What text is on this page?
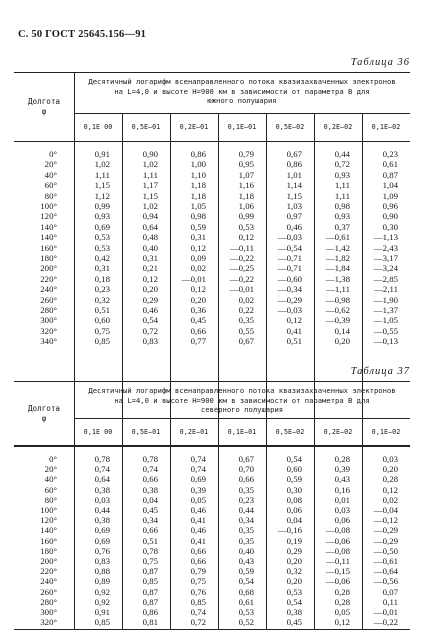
С. 50 ГОСТ 25645.156—91
Таблица 36
Долгота
φ
Десятичный логарифм всенаправленного потока квазизахваченных электронов
на L=4,0 и высоте H=900 км в зависимости от параметра B для
южного полушария
0,1E 00	0,5E—01	0,2E—01	0,1E—01	0,5E—02	0,2E—02	0,1E—02
0°	0,91	0,90	0,86	0,79	0,67	0,44	0,23
20°	1,02	1,02	1,00	0,95	0,86	0,72	0,61
40°	1,11	1,11	1,10	1,07	1,01	0,93	0,87
60°	1,15	1,17	1,18	1,16	1,14	1,11	1,04
80°	1,12	1,15	1,18	1,18	1,15	1,11	1,09
100°	0,99	1,02	1,05	1,06	1,03	0,98	0,96
120°	0,93	0,94	0,98	0,99	0,97	0,93	0,90
140°	0,69	0,64	0,59	0,53	0,46	0,37	0,30
140°	0,53	0,48	0,31	0,12	—0,03	—0,61	—1,13
160°	0,53	0,40	0,12	—0,11	—0,54	—1,42	—2,43
180°	0,42	0,31	0,09	—0,22	—0,71	—1,82	—3,17
200°	0,31	0,21	0,02	—0,25	—0,71	—1,84	—3,24
220°	0,18	0,12	—0,01	—0,22	—0,60	—1,38	—2,85
240°	0,23	0,20	0,12	—0,01	—0,34	—1,11	—2,11
260°	0,32	0,29	0,20	0,02	—0,29	—0,98	—1,90
280°	0,51	0,46	0,36	0,22	—0,03	—0,62	—1,37
300°	0,60	0,54	0,45	0,35	0,12	—0,39	—1,05
320°	0,75	0,72	0,66	0,55	0,41	0,14	—0,55
340°	0,85	0,83	0,77	0,67	0,51	0,20	—0,13
Таблица 37
Долгота
φ
Десятичный логарифм всенаправленного потока квазизахваченных электронов
на L=4,0 и высоте H=900 км в зависимости от параметра B для
северного полушария
0,1E 00	0,5E—01	0,2E—01	0,1E—01	0,5E—02	0,2E—02	0,1E—02
0°	0,78	0,78	0,74	0,67	0,54	0,28	0,03
20°	0,74	0,74	0,74	0,70	0,60	0,39	0,20
40°	0,64	0,66	0,69	0,66	0,59	0,43	0,28
60°	0,38	0,38	0,39	0,35	0,30	0,16	0,12
80°	0,03	0,04	0,05	0,23	0,08	0,01	0,02
100°	0,44	0,45	0,46	0,44	0,06	0,03	—0,04
120°	0,38	0,34	0,41	0,34	0,04	0,06	—0,12
140°	0,69	0,66	0,46	0,35	—0,16	—0,08	—0,29
160°	0,69	0,51	0,41	0,35	0,19	—0,06	—0,29
180°	0,76	0,78	0,66	0,40	0,29	—0,08	—0,50
200°	0,83	0,75	0,66	0,43	0,20	—0,11	—0,61
220°	0,88	0,87	0,79	0,59	0,32	—0,15	—0,64
240°	0,89	0,85	0,75	0,54	0,20	—0,06	—0,56
260°	0,92	0,87	0,76	0,68	0,53	0,28	0,07
280°	0,92	0,87	0,85	0,61	0,54	0,28	0,11
300°	0,91	0,86	0,74	0,53	0,38	0,05	—0,01
320°	0,85	0,81	0,72	0,52	0,45	0,12	—0,22
